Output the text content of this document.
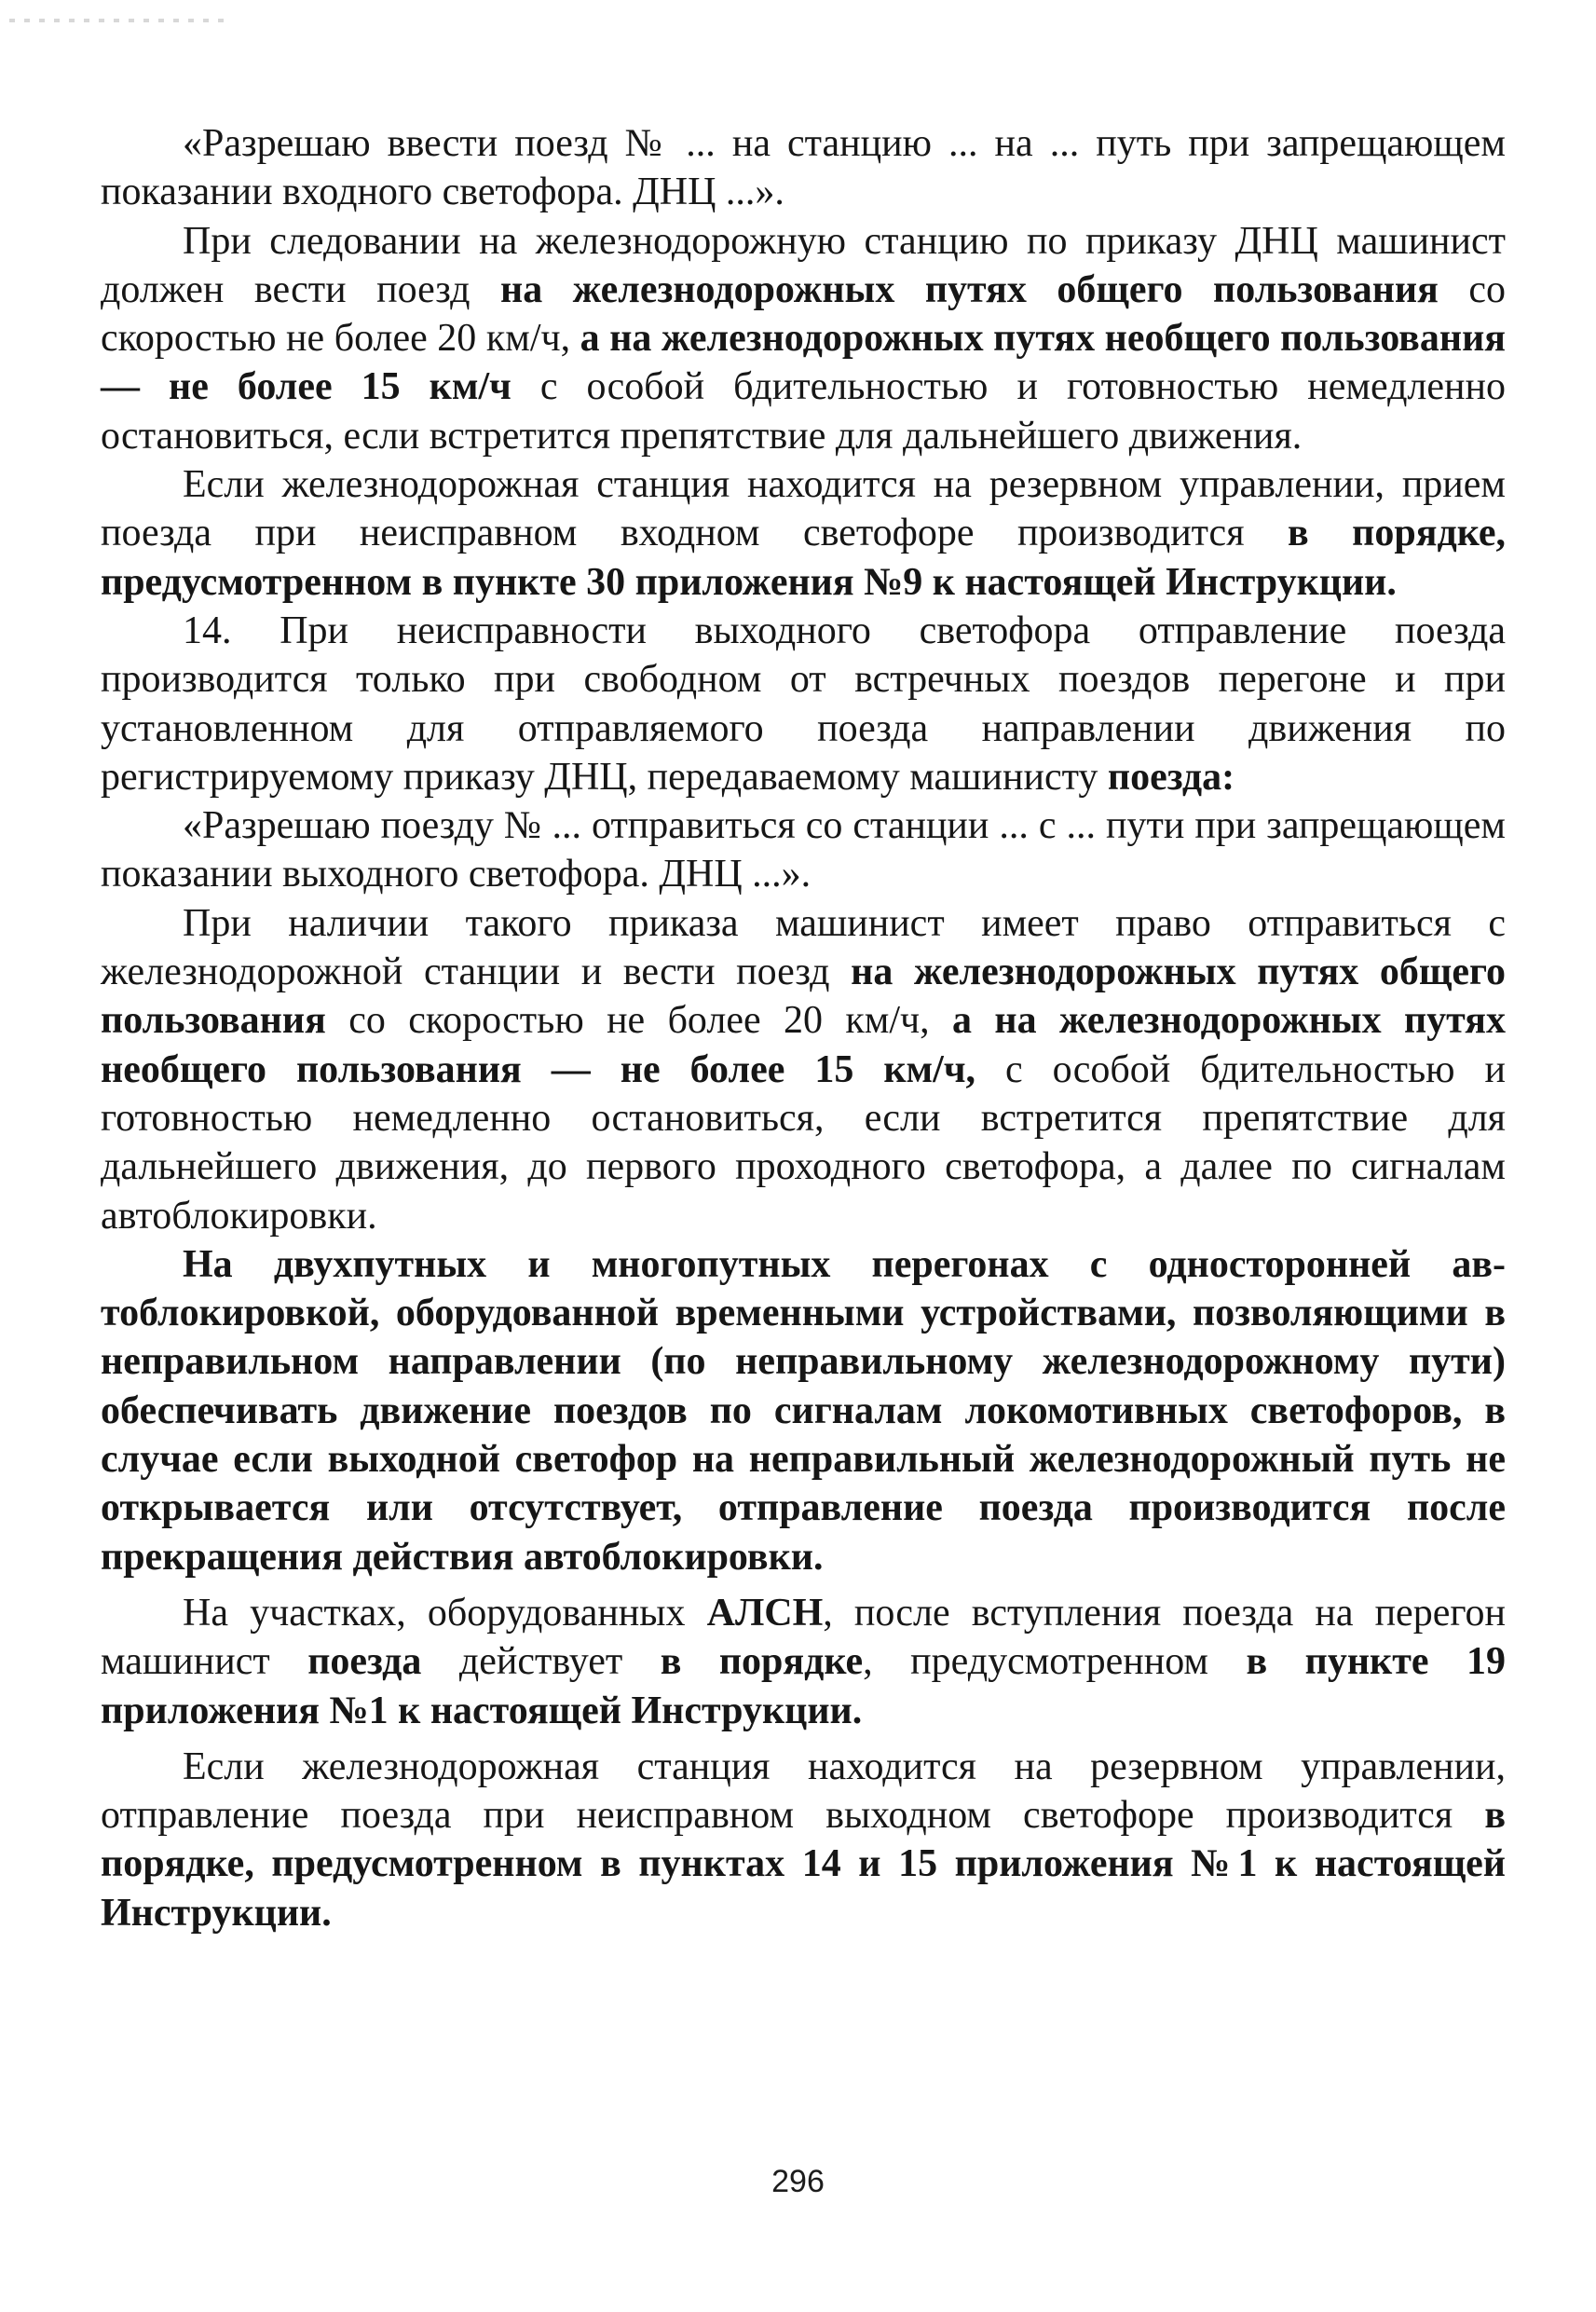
«Разрешаю ввести поезд № ... на станцию ... на ... путь при запрещающем показании входного светофора. ДНЦ ...».

При следовании на железнодорожную станцию по приказу ДНЦ машинист должен вести поезд на железнодорожных путях общего пользования со скоростью не более 20 км/ч, а на железнодорожных путях необщего пользования — не более 15 км/ч с особой бдительностью и готовностью немедленно остановиться, если встретится препятствие для дальнейшего движения.

Если железнодорожная станция находится на резервном управлении, прием поезда при неисправном входном светофоре производится в порядке, предусмотренном в пункте 30 приложения №9 к настоящей Инструкции.

14. При неисправности выходного светофора отправление поезда производится только при свободном от встречных поездов перегоне и при установленном для отправляемого поезда направлении движения по регистрируемому приказу ДНЦ, передаваемому машинисту поезда:

«Разрешаю поезду № ... отправиться со станции ... с ... пути при запрещающем показании выходного светофора. ДНЦ ...».

При наличии такого приказа машинист имеет право отправиться с железнодорожной станции и вести поезд на железнодорожных путях общего пользования со скоростью не более 20 км/ч, а на железнодорожных путях необщего пользования — не более 15 км/ч, с особой бдительностью и готовностью немедленно остановиться, если встретится препятствие для дальнейшего движения, до первого проходного светофора, а далее по сигналам автоблокировки.

На двухпутных и многопутных перегонах с односторонней автоблокировкой, оборудованной временными устройствами, позволяющими в неправильном направлении (по неправильному железнодорожному пути) обеспечивать движение поездов по сигналам локомотивных светофоров, в случае если выходной светофор на неправильный железнодорожный путь не открывается или отсутствует, отправление поезда производится после прекращения действия автоблокировки.

На участках, оборудованных АЛСН, после вступления поезда на перегон машинист поезда действует в порядке, предусмотренном в пункте 19 приложения №1 к настоящей Инструкции.

Если железнодорожная станция находится на резервном управлении, отправление поезда при неисправном выходном светофоре производится в порядке, предусмотренном в пунктах 14 и 15 приложения №1 к настоящей Инструкции.

296
